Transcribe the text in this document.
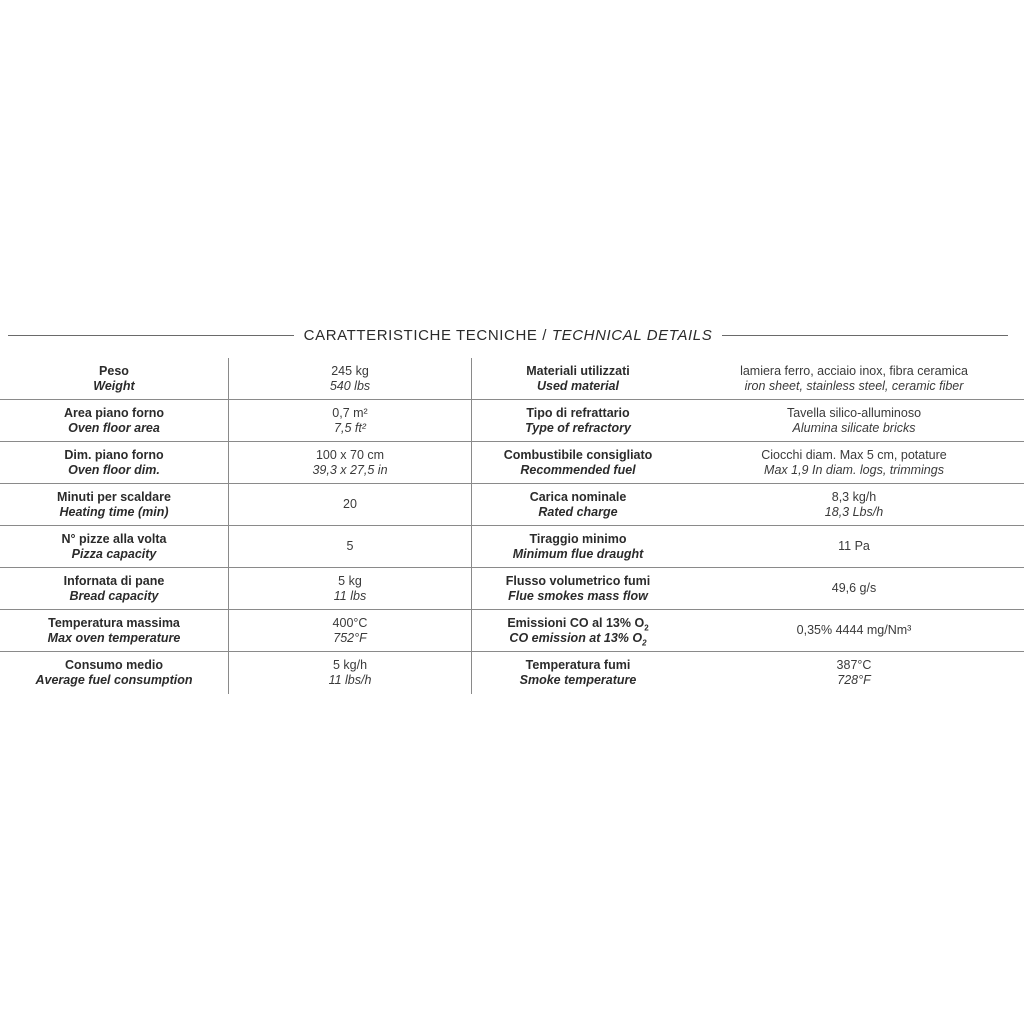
CARATTERISTICHE TECNICHE / TECHNICAL DETAILS
Peso
Weight
245 kg
540 lbs
Materiali utilizzati
Used material
lamiera ferro, acciaio inox, fibra ceramica
iron sheet, stainless steel, ceramic fiber
Area piano forno
Oven floor area
0,7 m²
7,5 ft²
Tipo di refrattario
Type of refractory
Tavella silico-alluminoso
Alumina silicate bricks
Dim. piano forno
Oven floor dim.
100 x 70 cm
39,3 x 27,5 in
Combustibile consigliato
Recommended fuel
Ciocchi diam. Max 5 cm, potature
Max 1,9 In diam. logs, trimmings
Minuti per scaldare
Heating time (min)
20
Carica nominale
Rated charge
8,3 kg/h
18,3 Lbs/h
N° pizze alla volta
Pizza capacity
5
Tiraggio minimo
Minimum flue draught
11 Pa
Infornata di pane
Bread capacity
5 kg
11 lbs
Flusso volumetrico fumi
Flue smokes mass flow
49,6 g/s
Temperatura massima
Max oven temperature
400°C
752°F
Emissioni CO al 13% $O_2$
CO emission at 13% $O_2$
0,35% 4444 mg/Nm³
Consumo medio
Average fuel consumption
5 kg/h
11 lbs/h
Temperatura fumi
Smoke temperature
387°C
728°F
